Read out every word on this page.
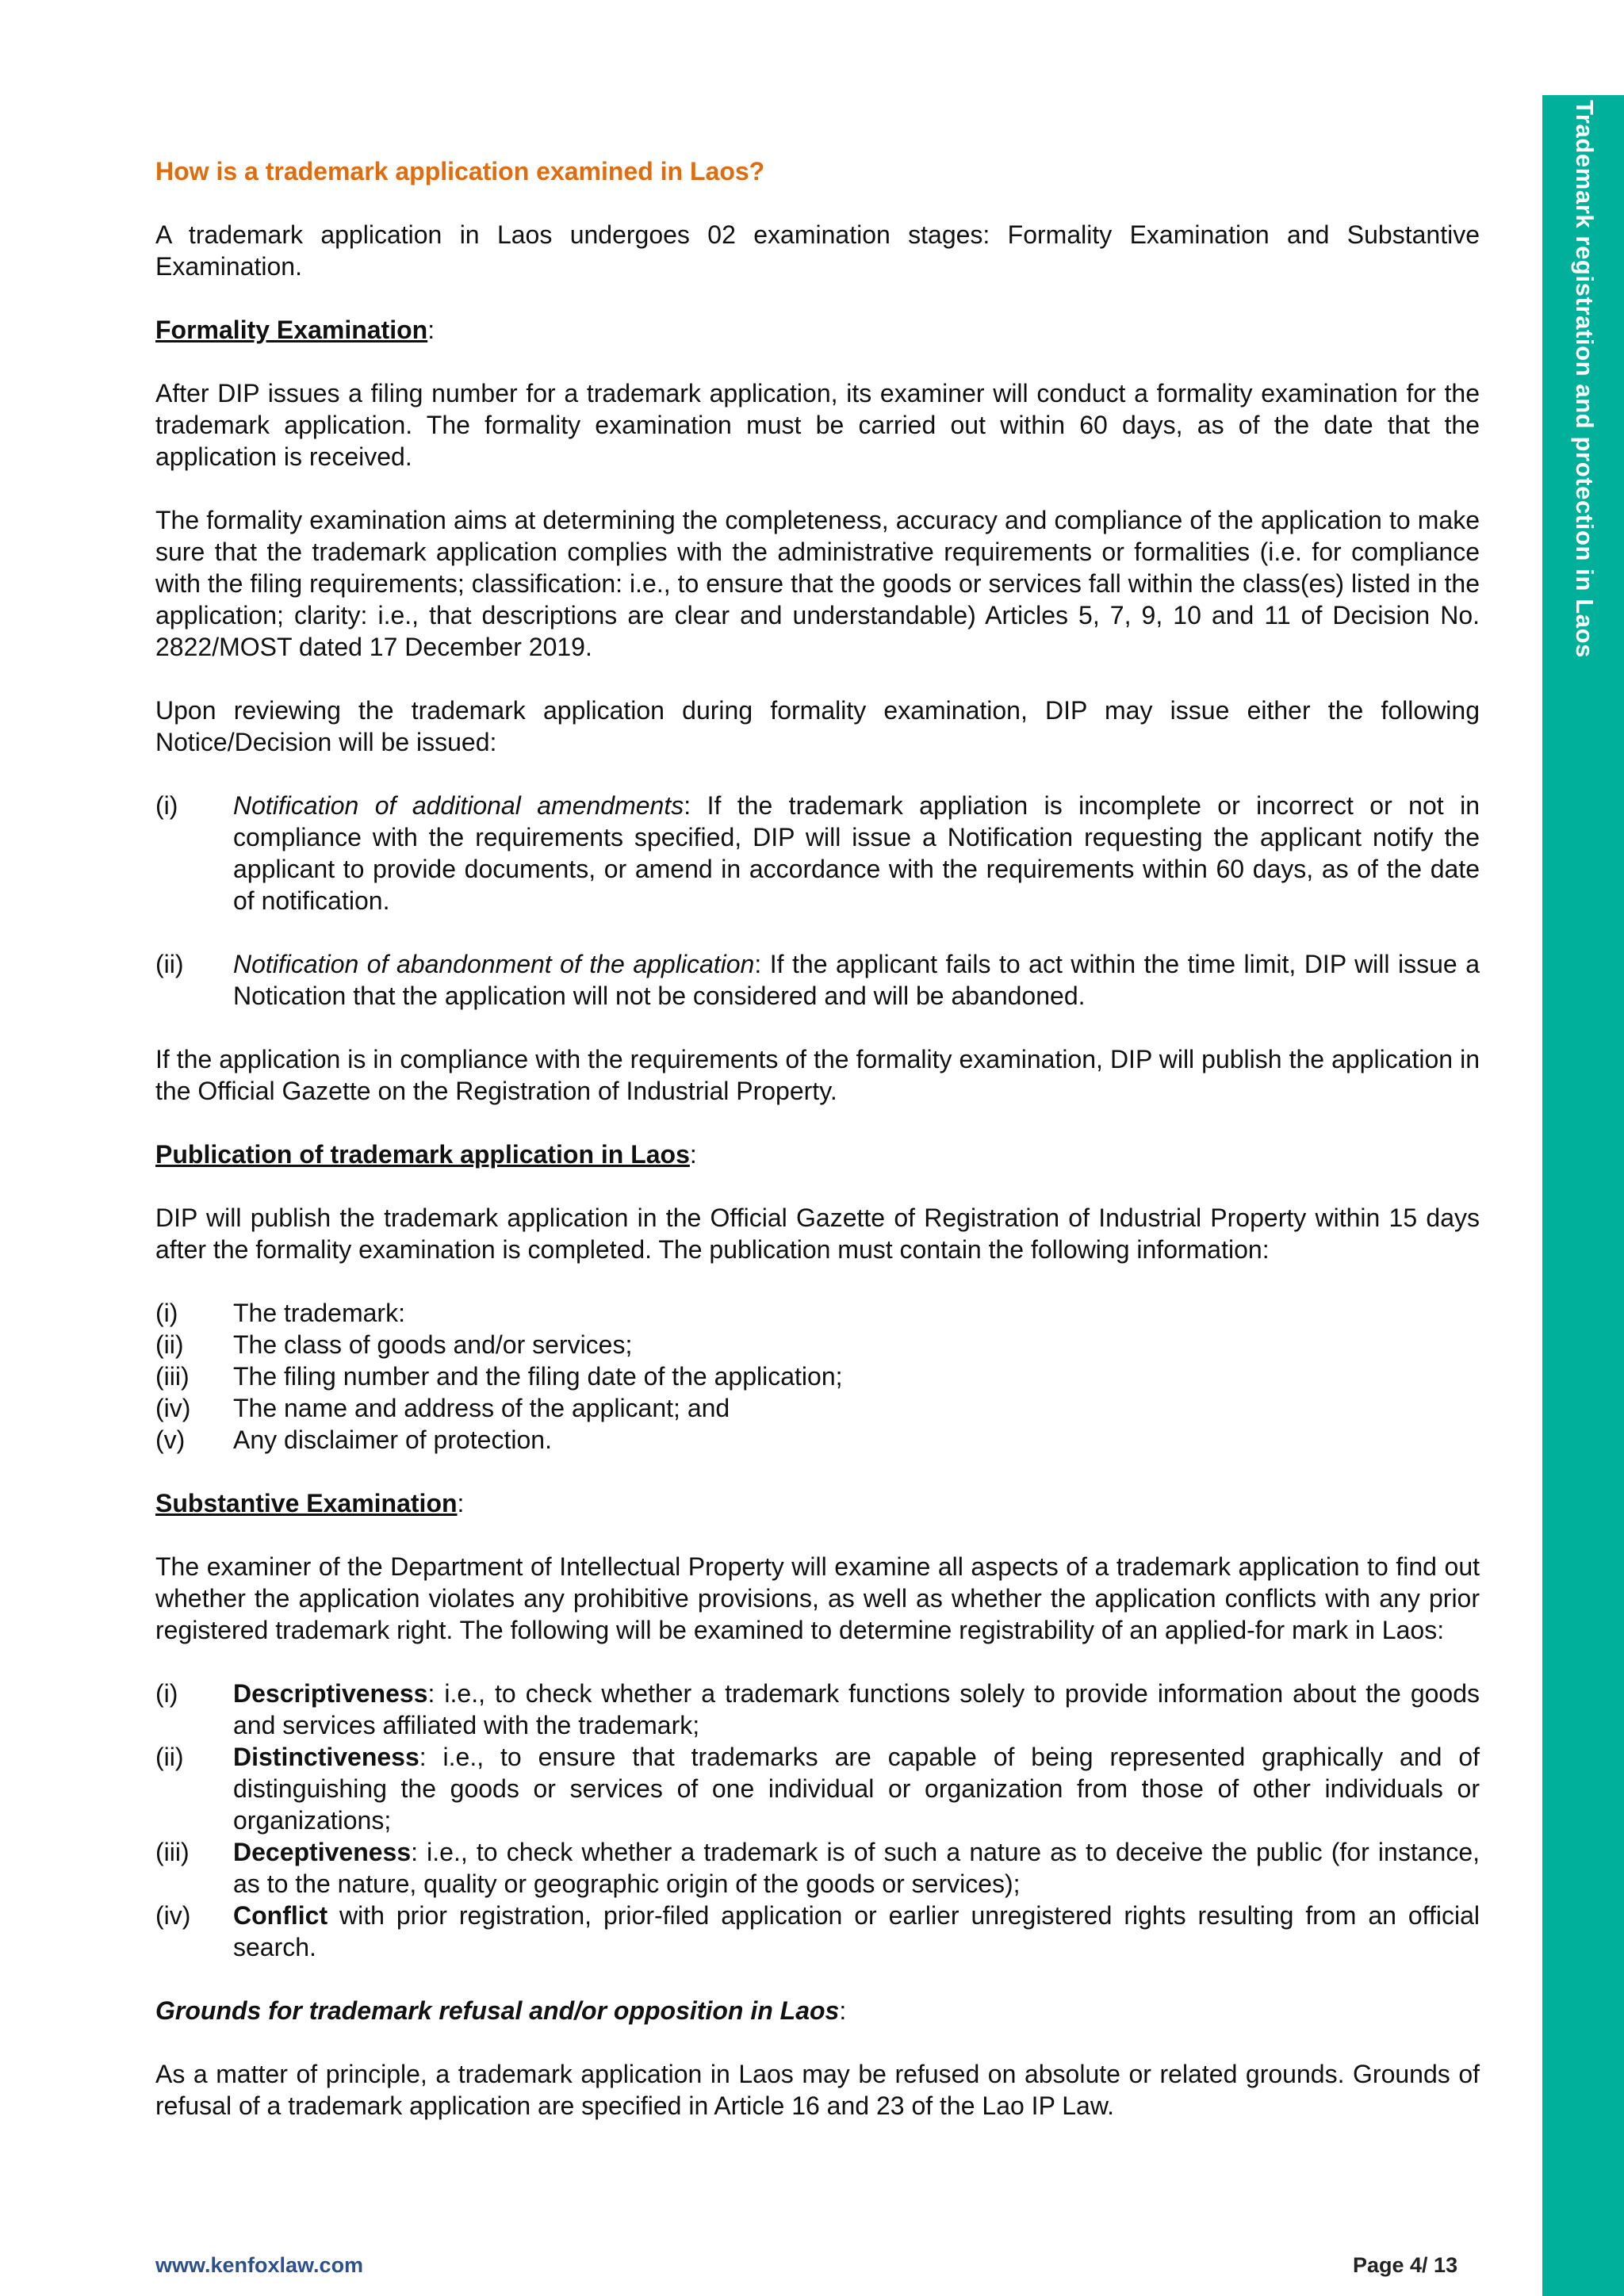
Trademark registration and protection in Laos
How is a trademark application examined in Laos?

A trademark application in Laos undergoes 02 examination stages: Formality Examination and Substantive Examination.

Formality Examination:

After DIP issues a filing number for a trademark application, its examiner will conduct a formality examination for the trademark application. The formality examination must be carried out within 60 days, as of the date that the application is received.

The formality examination aims at determining the completeness, accuracy and compliance of the application to make sure that the trademark application complies with the administrative requirements or formalities (i.e. for compliance with the filing requirements; classification: i.e., to ensure that the goods or services fall within the class(es) listed in the application; clarity: i.e., that descriptions are clear and understandable) Articles 5, 7, 9, 10 and 11 of Decision No. 2822/MOST dated 17 December 2019.

Upon reviewing the trademark application during formality examination, DIP may issue either the following Notice/Decision will be issued:

(i)	Notification of additional amendments: If the trademark appliation is incomplete or incorrect or not in compliance with the requirements specified, DIP will issue a Notification requesting the applicant notify the applicant to provide documents, or amend in accordance with the requirements within 60 days, as of the date of notification.
(ii)	Notification of abandonment of the application: If the applicant fails to act within the time limit, DIP will issue a Notication that the application will not be considered and will be abandoned.

If the application is in compliance with the requirements of the formality examination, DIP will publish the application in the Official Gazette on the Registration of Industrial Property.

Publication of trademark application in Laos:

DIP will publish the trademark application in the Official Gazette of Registration of Industrial Property within 15 days after the formality examination is completed. The publication must contain the following information:

(i)	The trademark:
(ii)	The class of goods and/or services;
(iii)	The filing number and the filing date of the application;
(iv)	The name and address of the applicant; and
(v)	Any disclaimer of protection.
Substantive Examination:

The examiner of the Department of Intellectual Property will examine all aspects of a trademark application to find out whether the application violates any prohibitive provisions, as well as whether the application conflicts with any prior registered trademark right. The following will be examined to determine registrability of an applied-for mark in Laos:

(i)	Descriptiveness: i.e., to check whether a trademark functions solely to provide information about the goods and services affiliated with the trademark;
(ii)	Distinctiveness: i.e., to ensure that trademarks are capable of being represented graphically and of distinguishing the goods or services of one individual or organization from those of other individuals or organizations;
(iii)	Deceptiveness: i.e., to check whether a trademark is of such a nature as to deceive the public (for instance, as to the nature, quality or geographic origin of the goods or services);
(iv)	Conflict with prior registration, prior-filed application or earlier unregistered rights resulting from an official search.
Grounds for trademark refusal and/or opposition in Laos:

As a matter of principle, a trademark application in Laos may be refused on absolute or related grounds. Grounds of refusal of a trademark application are specified in Article 16 and 23 of the Lao IP Law.

www.kenfoxlaw.com	Page 4/ 13
